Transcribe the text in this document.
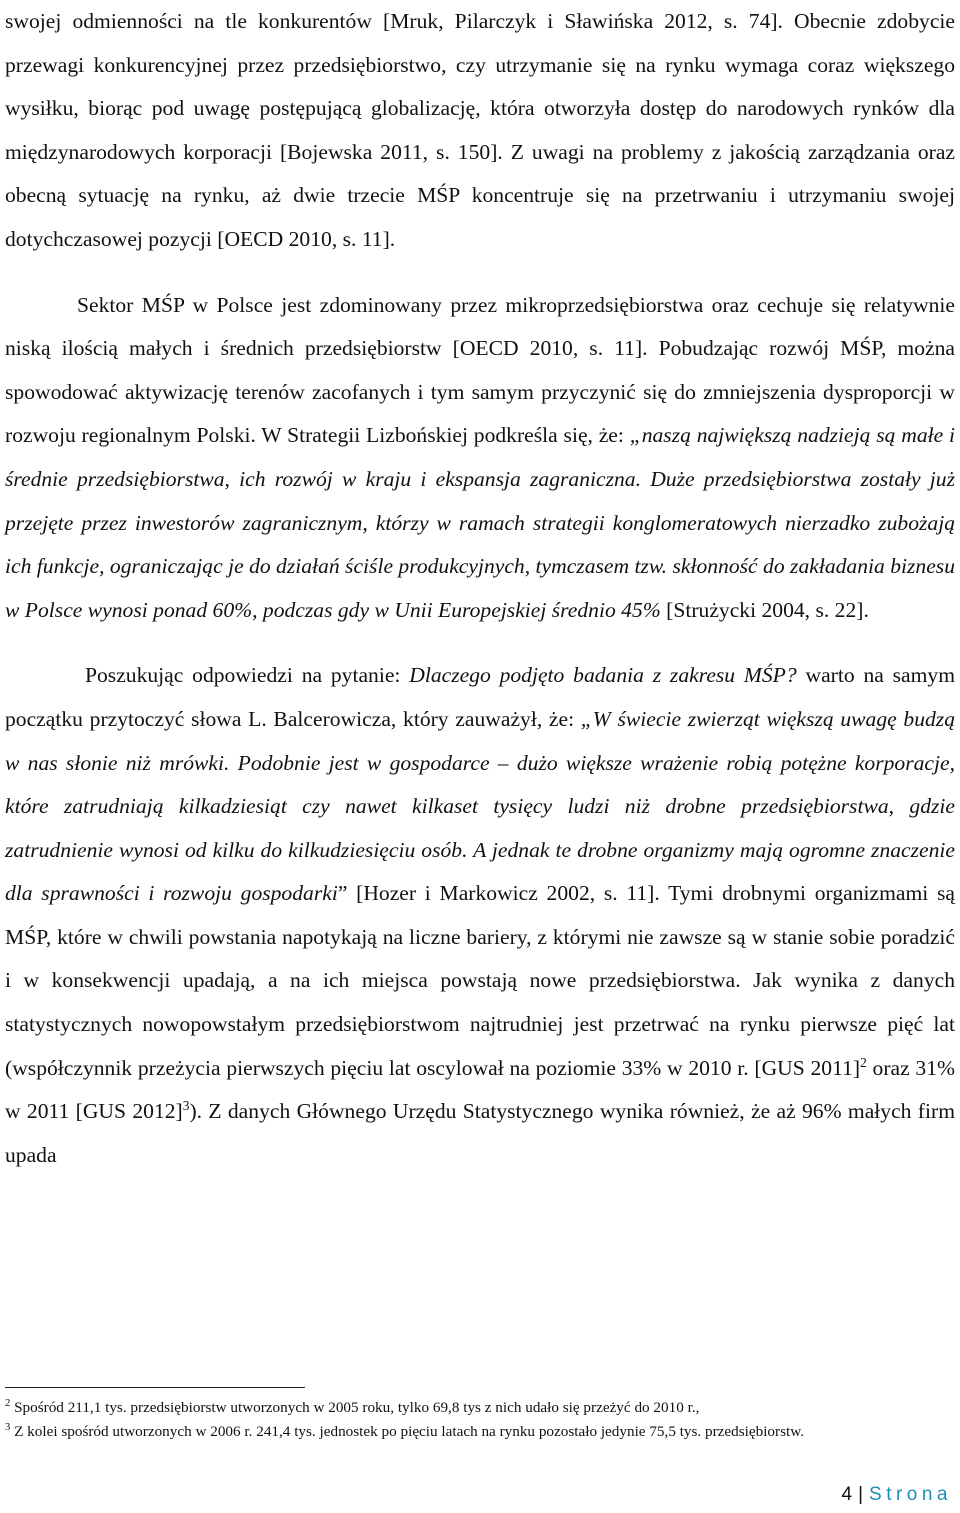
swojej odmienności na tle konkurentów [Mruk, Pilarczyk i Sławińska 2012, s. 74]. Obecnie zdobycie przewagi konkurencyjnej przez przedsiębiorstwo, czy utrzymanie się na rynku wymaga coraz większego wysiłku, biorąc pod uwagę postępującą globalizację, która otworzyła dostęp do narodowych rynków dla międzynarodowych korporacji [Bojewska 2011, s. 150]. Z uwagi na problemy z jakością zarządzania oraz obecną sytuację na rynku, aż dwie trzecie MŚP koncentruje się na przetrwaniu i utrzymaniu swojej dotychczasowej pozycji [OECD 2010, s. 11].

Sektor MŚP w Polsce jest zdominowany przez mikroprzedsiębiorstwa oraz cechuje się relatywnie niską ilością małych i średnich przedsiębiorstw [OECD 2010, s. 11]. Pobudzając rozwój MŚP, można spowodować aktywizację terenów zacofanych i tym samym przyczynić się do zmniejszenia dysproporcji w rozwoju regionalnym Polski. W Strategii Lizbońskiej podkreśla się, że: „naszą największą nadzieją są małe i średnie przedsiębiorstwa, ich rozwój w kraju i ekspansja zagraniczna. Duże przedsiębiorstwa zostały już przejęte przez inwestorów zagranicznym, którzy w ramach strategii konglomeratowych nierzadko zubożają ich funkcje, ograniczając je do działań ściśle produkcyjnych, tymczasem tzw. skłonność do zakładania biznesu w Polsce wynosi ponad 60%, podczas gdy w Unii Europejskiej średnio 45% [Strużycki 2004, s. 22].

Poszukując odpowiedzi na pytanie: Dlaczego podjęto badania z zakresu MŚP? warto na samym początku przytoczyć słowa L. Balcerowicza, który zauważył, że: „W świecie zwierząt większą uwagę budzą w nas słonie niż mrówki. Podobnie jest w gospodarce – dużo większe wrażenie robią potężne korporacje, które zatrudniają kilkadziesiąt czy nawet kilkaset tysięcy ludzi niż drobne przedsiębiorstwa, gdzie zatrudnienie wynosi od kilku do kilkudziesięciu osób. A jednak te drobne organizmy mają ogromne znaczenie dla sprawności i rozwoju gospodarki” [Hozer i Markowicz 2002, s. 11]. Tymi drobnymi organizmami są MŚP, które w chwili powstania napotykają na liczne bariery, z którymi nie zawsze są w stanie sobie poradzić i w konsekwencji upadają, a na ich miejsca powstają nowe przedsiębiorstwa. Jak wynika z danych statystycznych nowopowstałym przedsiębiorstwom najtrudniej jest przetrwać na rynku pierwsze pięć lat (współczynnik przeżycia pierwszych pięciu lat oscylował na poziomie 33% w 2010 r. [GUS 2011]$^2$ oraz 31% w 2011 [GUS 2012]$^3$). Z danych Głównego Urzędu Statystycznego wynika również, że aż 96% małych firm upada

$^2$ Spośród 211,1 tys. przedsiębiorstw utworzonych w 2005 roku, tylko 69,8 tys z nich udało się przeżyć do 2010 r.,

$^3$ Z kolei spośród utworzonych w 2006 r. 241,4 tys. jednostek po pięciu latach na rynku pozostało jedynie 75,5 tys. przedsiębiorstw.

4 | Strona
